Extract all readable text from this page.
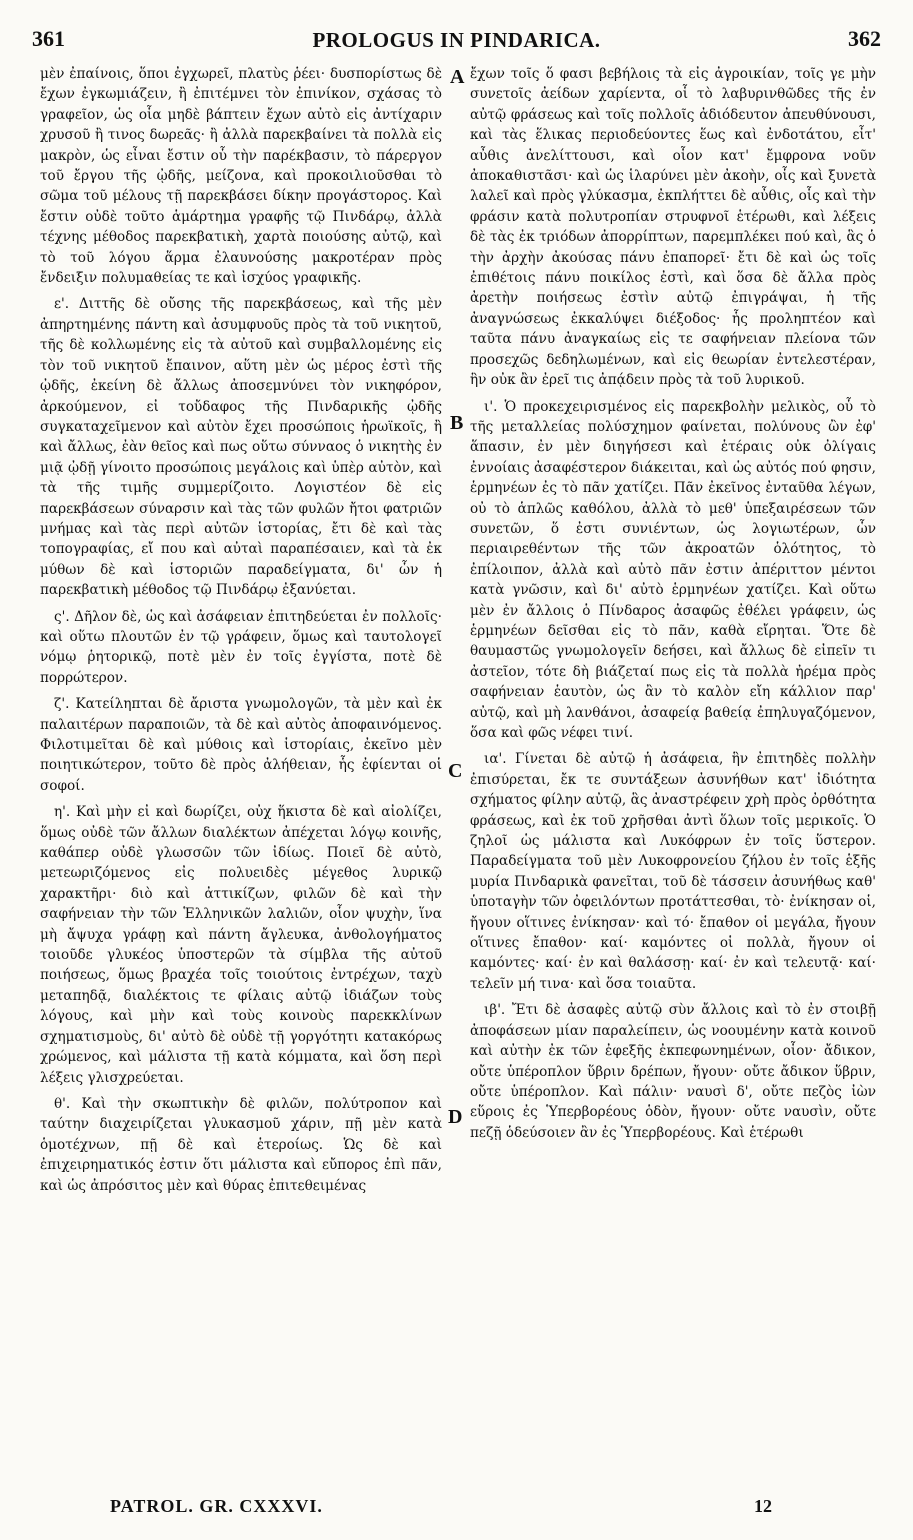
361	PROLOGUS IN PINDARICA.	362

μὲν ἐπαίνοις, ὅποι ἐγχωρεῖ, πλατὺς ῥέει· δυσπορίστως δὲ ἔχων ἐγκωμιάζειν, ἢ ἐπιτέμνει τὸν ἐπινίκον, σχάσας τὸ γραφεῖον, ὡς οἷα μηδὲ βάπτειν ἔχων αὐτὸ εἰς ἀντίχαριν χρυσοῦ ἢ τινος δωρεᾶς· ἢ ἀλλὰ παρεκβαίνει τὰ πολλὰ εἰς μακρὸν, ὡς εἶναι ἔστιν οὗ τὴν παρέκβασιν, τὸ πάρεργον τοῦ ἔργου τῆς ᾠδῆς, μείζονα, καὶ προκοιλιοῦσθαι τὸ σῶμα τοῦ μέλους τῇ παρεκβάσει δίκην προγάστορος. Καὶ ἔστιν οὐδὲ τοῦτο ἁμάρτημα γραφῆς τῷ Πινδάρῳ, ἀλλὰ τέχνης μέθοδος παρεκβατικὴ, χαρτὰ ποιούσης αὐτῷ, καὶ τὸ τοῦ λόγου ἅρμα ἐλαυνούσης μακροτέραν πρὸς ἔνδειξιν πολυμαθείας τε καὶ ἰσχύος γραφικῆς.

ε'. Διττῆς δὲ οὔσης τῆς παρεκβάσεως, καὶ τῆς μὲν ἀπηρτημένης πάντη καὶ ἀσυμφυοῦς πρὸς τὰ τοῦ νικητοῦ, τῆς δὲ κολλωμένης εἰς τὰ αὐτοῦ καὶ συμβαλλομένης εἰς τὸν τοῦ νικητοῦ ἔπαινον, αὕτη μὲν ὡς μέρος ἐστὶ τῆς ᾠδῆς, ἐκείνη δὲ ἄλλως ἀποσεμνύνει τὸν νικηφόρον, ἀρκούμενον, εἰ τοὔδαφος τῆς Πινδαρικῆς ᾠδῆς συγκαταχεῖμενον καὶ αὐτὸν ἔχει προσώποις ἡρωϊκοῖς, ἢ καὶ ἄλλως, ἐὰν θεῖος καὶ πως οὕτω σύνναος ὁ νικητὴς ἐν μιᾷ ᾠδῇ γίνοιτο προσώποις μεγάλοις καὶ ὑπὲρ αὐτὸν, καὶ τὰ τῆς τιμῆς συμμερίζοιτο. Λογιστέον δὲ εἰς παρεκβάσεων σύναρσιν καὶ τὰς τῶν φυλῶν ἤτοι φατριῶν μνήμας καὶ τὰς περὶ αὐτῶν ἱστορίας, ἔτι δὲ καὶ τὰς τοπογραφίας, εἴ που καὶ αὐταὶ παραπέσαιεν, καὶ τὰ ἐκ μύθων δὲ καὶ ἱστοριῶν παραδείγματα, δι' ὧν ἡ παρεκβατικὴ μέθοδος τῷ Πινδάρῳ ἐξανύεται.

ς'. Δῆλον δὲ, ὡς καὶ ἀσάφειαν ἐπιτηδεύεται ἐν πολλοῖς· καὶ οὕτω πλουτῶν ἐν τῷ γράφειν, ὅμως καὶ ταυτολογεῖ νόμῳ ῥητορικῷ, ποτὲ μὲν ἐν τοῖς ἐγγίστα, ποτὲ δὲ πορρώτερον.

ζ'. Κατείληπται δὲ ἄριστα γνωμολογῶν, τὰ μὲν καὶ ἐκ παλαιτέρων παραποιῶν, τὰ δὲ καὶ αὐτὸς ἀποφαινόμενος. Φιλοτιμεῖται δὲ καὶ μύθοις καὶ ἱστορίαις, ἐκεῖνο μὲν ποιητικώτερον, τοῦτο δὲ πρὸς ἀλήθειαν, ἧς ἐφίενται οἱ σοφοί.

η'. Καὶ μὴν εἰ καὶ δωρίζει, οὐχ ἥκιστα δὲ καὶ αἰολίζει, ὅμως οὐδὲ τῶν ἄλλων διαλέκτων ἀπέχεται λόγῳ κοινῆς, καθάπερ οὐδὲ γλωσσῶν τῶν ἰδίως. Ποιεῖ δὲ αὐτὸ, μετεωριζόμενος εἰς πολυειδὲς μέγεθος λυρικῷ χαρακτῆρι· διὸ καὶ ἀττικίζων, φιλῶν δὲ καὶ τὴν σαφήνειαν τὴν τῶν Ἑλληνικῶν λαλιῶν, οἷον ψυχὴν, ἵνα μὴ ἄψυχα γράφῃ καὶ πάντη ἄγλευκα, ἀνθολογήματος τοιοῦδε γλυκέος ὑποστερῶν τὰ σίμβλα τῆς αὐτοῦ ποιήσεως, ὅμως βραχέα τοῖς τοιούτοις ἐντρέχων, ταχὺ μεταπηδᾷ, διαλέκτοις τε φίλαις αὐτῷ ἰδιάζων τοὺς λόγους, καὶ μὴν καὶ τοὺς κοινοὺς παρεκκλίνων σχηματισμοὺς, δι' αὐτὸ δὲ οὐδὲ τῇ γοργότητι κατακόρως χρώμενος, καὶ μάλιστα τῇ κατὰ κόμματα, καὶ ὅση περὶ λέξεις γλισχρεύεται.

θ'. Καὶ τὴν σκωπτικὴν δὲ φιλῶν, πολύτροπον καὶ ταύτην διαχειρίζεται γλυκασμοῦ χάριν, πῇ μὲν κατὰ ὁμοτέχνων, πῇ δὲ καὶ ἑτεροίως. Ὡς δὲ καὶ ἐπιχειρηματικός ἐστιν ὅτι μάλιστα καὶ εὔπορος ἐπὶ πᾶν, καὶ ὡς ἀπρόσιτος μὲν καὶ θύρας ἐπιτεθειμένας

A
B
C
D

ἔχων τοῖς ὅ φασι βεβήλοις τὰ εἰς ἀγροικίαν, τοῖς γε μὴν συνετοῖς ἀείδων χαρίεντα, οἷ τὸ λαβυρινθῶδες τῆς ἐν αὐτῷ φράσεως καὶ τοῖς πολλοῖς ἀδιόδευτον ἀπευθύνουσι, καὶ τὰς ἕλικας περιοδεύοντες ἕως καὶ ἐνδοτάτου, εἶτ' αὖθις ἀνελίττουσι, καὶ οἷον κατ' ἔμφρονα νοῦν ἀποκαθιστᾶσι· καὶ ὡς ἱλαρύνει μὲν ἀκοὴν, οἷς καὶ ξυνετὰ λαλεῖ καὶ πρὸς γλύκασμα, ἐκπλήττει δὲ αὖθις, οἷς καὶ τὴν φράσιν κατὰ πολυτροπίαν στρυφνοῖ ἑτέρωθι, καὶ λέξεις δὲ τὰς ἐκ τριόδων ἀπορρίπτων, παρεμπλέκει πού καὶ, ἃς ὁ τὴν ἀρχὴν ἀκούσας πάνυ ἐπαπορεῖ· ἔτι δὲ καὶ ὡς τοῖς ἐπιθέτοις πάνυ ποικίλος ἐστὶ, καὶ ὅσα δὲ ἄλλα πρὸς ἀρετὴν ποιήσεως ἐστὶν αὐτῷ ἐπιγράψαι, ἡ τῆς ἀναγνώσεως ἐκκαλύψει διέξοδος· ἧς προληπτέον καὶ ταῦτα πάνυ ἀναγκαίως εἰς τε σαφήνειαν πλείονα τῶν προσεχῶς δεδηλωμένων, καὶ εἰς θεωρίαν ἐντελεστέραν, ἣν οὐκ ἂν ἐρεῖ τις ἀπᾴδειν πρὸς τὰ τοῦ λυρικοῦ.

ι'. Ὁ προκεχειρισμένος εἰς παρεκβολὴν μελικὸς, οὗ τὸ τῆς μεταλλείας πολύσχημον φαίνεται, πολύνους ὢν ἐφ' ἅπασιν, ἐν μὲν διηγήσεσι καὶ ἑτέραις οὐκ ὀλίγαις ἐννοίαις ἀσαφέστερον διάκειται, καὶ ὡς αὐτός πού φησιν, ἑρμηνέων ἐς τὸ πᾶν χατίζει. Πᾶν ἐκεῖνος ἐνταῦθα λέγων, οὐ τὸ ἁπλῶς καθόλου, ἀλλὰ τὸ μεθ' ὑπεξαιρέσεων τῶν συνετῶν, ὅ ἐστι συνιέντων, ὡς λογιωτέρων, ὧν περιαιρεθέντων τῆς τῶν ἀκροατῶν ὁλότητος, τὸ ἐπίλοιπον, ἀλλὰ καὶ αὐτὸ πᾶν ἐστιν ἀπέριττον μέντοι κατὰ γνῶσιν, καὶ δι' αὐτὸ ἑρμηνέων χατίζει. Καὶ οὕτω μὲν ἐν ἄλλοις ὁ Πίνδαρος ἀσαφῶς ἐθέλει γράφειν, ὡς ἑρμηνέων δεῖσθαι εἰς τὸ πᾶν, καθὰ εἴρηται. Ὅτε δὲ θαυμαστῶς γνωμολογεῖν δεήσει, καὶ ἄλλως δὲ εἰπεῖν τι ἀστεῖον, τότε δὴ βιάζεταί πως εἰς τὰ πολλὰ ἠρέμα πρὸς σαφήνειαν ἑαυτὸν, ὡς ἂν τὸ καλὸν εἴη κάλλιον παρ' αὐτῷ, καὶ μὴ λανθάνοι, ἀσαφείᾳ βαθείᾳ ἐπηλυγαζόμενον, ὅσα καὶ φῶς νέφει τινί.

ια'. Γίνεται δὲ αὐτῷ ἡ ἀσάφεια, ἣν ἐπιτηδὲς πολλὴν ἐπισύρεται, ἔκ τε συντάξεων ἀσυνήθων κατ' ἰδιότητα σχήματος φίλην αὐτῷ, ἃς ἀναστρέφειν χρὴ πρὸς ὀρθότητα φράσεως, καὶ ἐκ τοῦ χρῆσθαι ἀντὶ ὅλων τοῖς μερικοῖς. Ὁ ζηλοῖ ὡς μάλιστα καὶ Λυκόφρων ἐν τοῖς ὕστερον. Παραδείγματα τοῦ μὲν Λυκοφρονείου ζήλου ἐν τοῖς ἑξῆς μυρία Πινδαρικὰ φανεῖται, τοῦ δὲ τάσσειν ἀσυνήθως καθ' ὑποταγὴν τῶν ὀφειλόντων προτάττεσθαι, τὸ· ἐνίκησαν οἱ, ἤγουν οἵτινες ἐνίκησαν· καὶ τό· ἔπαθον οἱ μεγάλα, ἤγουν οἵτινες ἔπαθον· καί· καμόντες οἱ πολλὰ, ἤγουν οἱ καμόντες· καί· ἐν καὶ θαλάσσῃ· καί· ἐν καὶ τελευτᾷ· καί· τελεῖν μή τινα· καὶ ὅσα τοιαῦτα.

ιβ'. Ἔτι δὲ ἀσαφὲς αὐτῷ σὺν ἄλλοις καὶ τὸ ἐν στοιβῇ ἀποφάσεων μίαν παραλείπειν, ὡς νοουμένην κατὰ κοινοῦ καὶ αὐτὴν ἐκ τῶν ἐφεξῆς ἐκπεφωνημένων, οἷον· ἄδικον, οὔτε ὑπέροπλον ὕβριν δρέπων, ἤγουν· οὔτε ἄδικον ὕβριν, οὔτε ὑπέροπλον. Καὶ πάλιν· ναυσὶ δ', οὔτε πεζὸς ἰὼν εὕροις ἐς Ὑπερβορέους ὁδὸν, ἤγουν· οὔτε ναυσὶν, οὔτε πεζῇ ὁδεύσοιεν ἂν ἐς Ὑπερβορέους. Καὶ ἑτέρωθι

PATROL. GR. CXXXVI.	12
